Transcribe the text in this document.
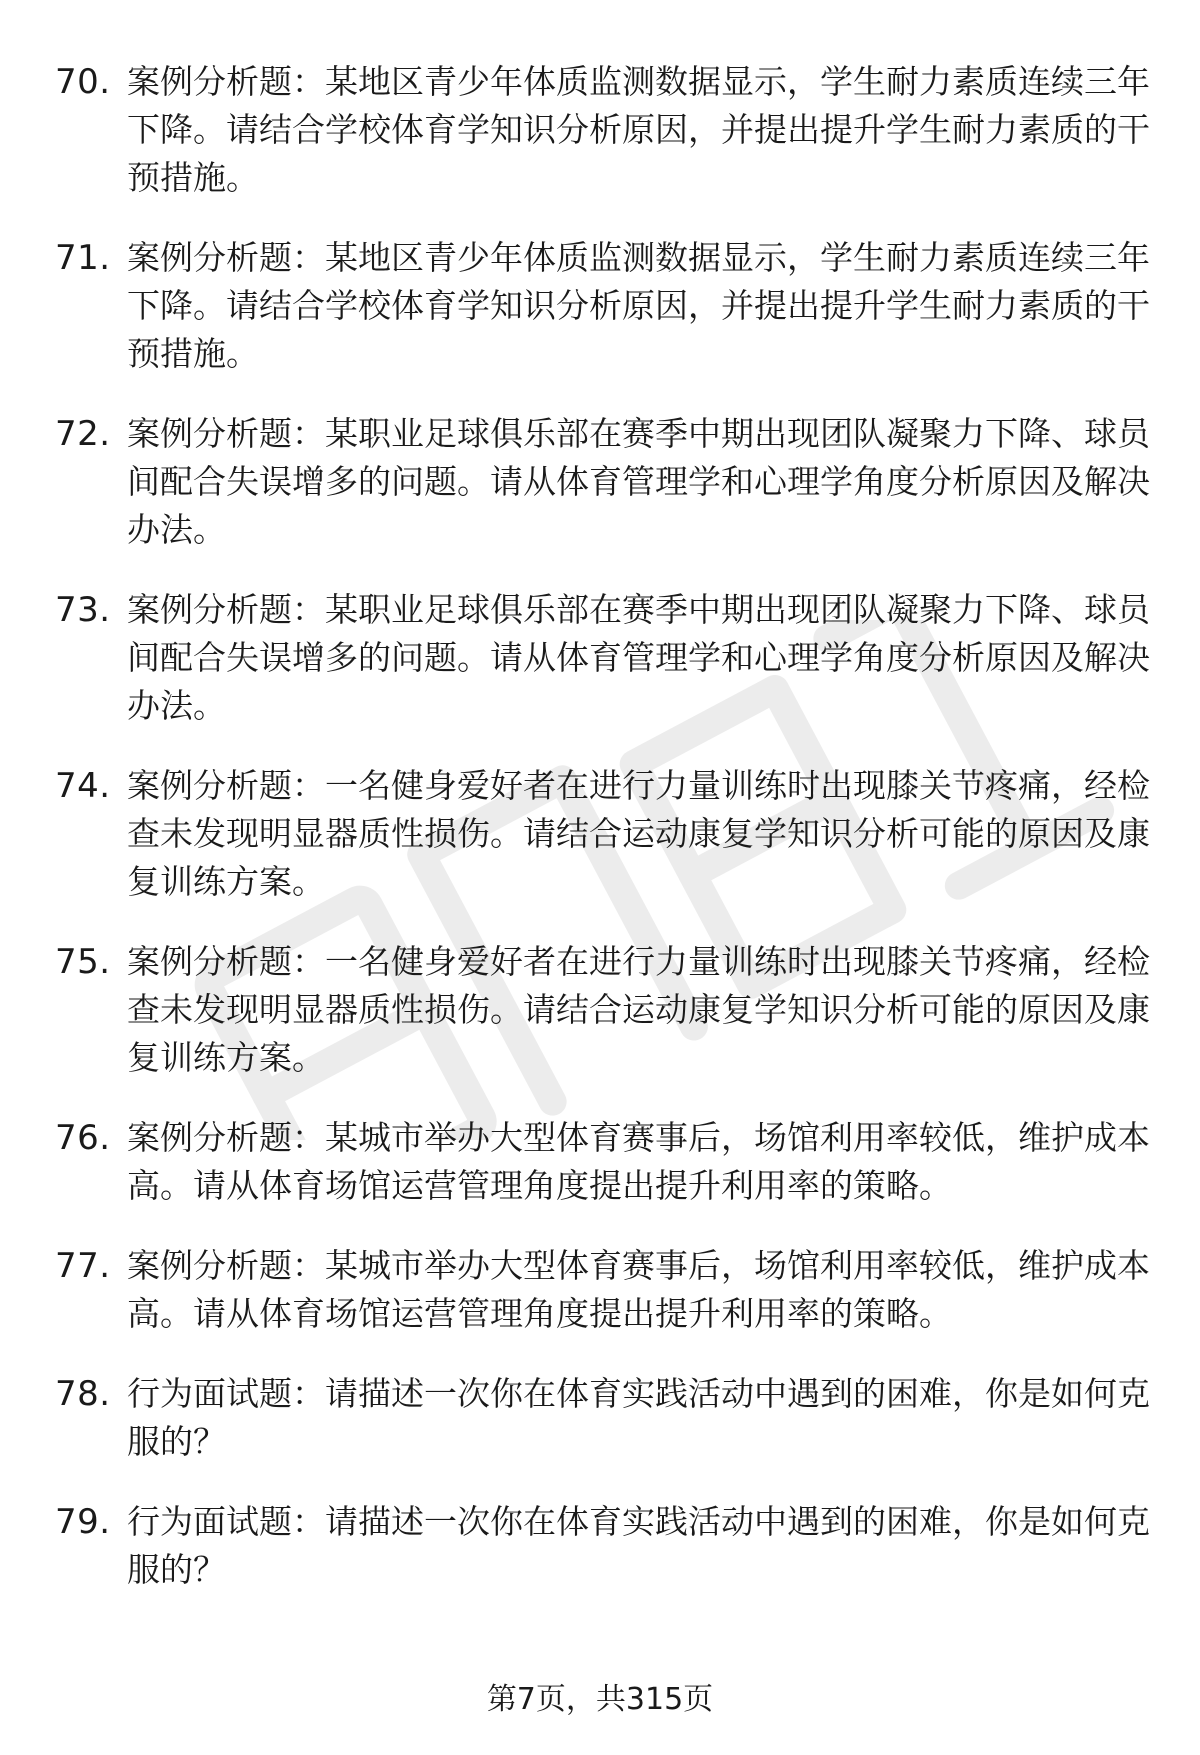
70. 案例分析题：某地区青少年体质监测数据显示，学生耐力素质连续三年下降。请结合学校体育学知识分析原因，并提出提升学生耐力素质的干预措施。
71. 案例分析题：某地区青少年体质监测数据显示，学生耐力素质连续三年下降。请结合学校体育学知识分析原因，并提出提升学生耐力素质的干预措施。
72. 案例分析题：某职业足球俱乐部在赛季中期出现团队凝聚力下降、球员间配合失误增多的问题。请从体育管理学和心理学角度分析原因及解决办法。
73. 案例分析题：某职业足球俱乐部在赛季中期出现团队凝聚力下降、球员间配合失误增多的问题。请从体育管理学和心理学角度分析原因及解决办法。
74. 案例分析题：一名健身爱好者在进行力量训练时出现膝关节疼痛，经检查未发现明显器质性损伤。请结合运动康复学知识分析可能的原因及康复训练方案。
75. 案例分析题：一名健身爱好者在进行力量训练时出现膝关节疼痛，经检查未发现明显器质性损伤。请结合运动康复学知识分析可能的原因及康复训练方案。
76. 案例分析题：某城市举办大型体育赛事后，场馆利用率较低，维护成本高。请从体育场馆运营管理角度提出提升利用率的策略。
77. 案例分析题：某城市举办大型体育赛事后，场馆利用率较低，维护成本高。请从体育场馆运营管理角度提出提升利用率的策略。
78. 行为面试题：请描述一次你在体育实践活动中遇到的困难，你是如何克服的？
79. 行为面试题：请描述一次你在体育实践活动中遇到的困难，你是如何克服的？
第7页，共315页
